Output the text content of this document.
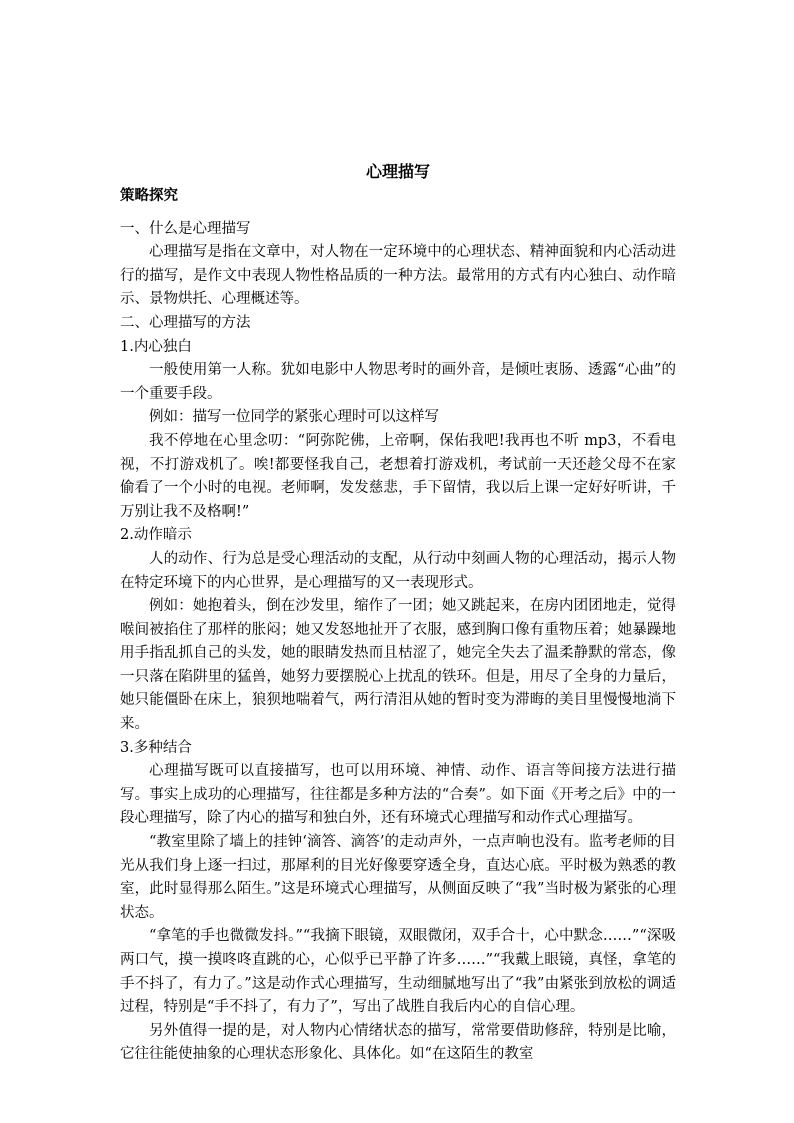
心理描写
策略探究

一、什么是心理描写

心理描写是指在文章中，对人物在一定环境中的心理状态、精神面貌和内心活动进行的描写，是作文中表现人物性格品质的一种方法。最常用的方式有内心独白、动作暗示、景物烘托、心理概述等。

二、心理描写的方法

1.内心独白

一般使用第一人称。犹如电影中人物思考时的画外音，是倾吐衷肠、透露“心曲”的一个重要手段。

例如：描写一位同学的紧张心理时可以这样写

我不停地在心里念叨：“阿弥陀佛，上帝啊，保佑我吧!我再也不听 mp3，不看电视，不打游戏机了。唉!都要怪我自己，老想着打游戏机，考试前一天还趁父母不在家偷看了一个小时的电视。老师啊，发发慈悲，手下留情，我以后上课一定好好听讲，千万别让我不及格啊!”

2.动作暗示

人的动作、行为总是受心理活动的支配，从行动中刻画人物的心理活动，揭示人物在特定环境下的内心世界，是心理描写的又一表现形式。

例如：她抱着头，倒在沙发里，缩作了一团；她又跳起来，在房内团团地走，觉得喉间被掐住了那样的胀闷；她又发怒地扯开了衣服，感到胸口像有重物压着；她暴躁地用手指乱抓自己的头发，她的眼睛发热而且枯涩了，她完全失去了温柔静默的常态，像一只落在陷阱里的猛兽，她努力要摆脱心上扰乱的铁环。但是，用尽了全身的力量后，她只能僵卧在床上，狼狈地喘着气，两行清泪从她的暂时变为滞晦的美目里慢慢地淌下来。

3.多种结合

心理描写既可以直接描写，也可以用环境、神情、动作、语言等间接方法进行描写。事实上成功的心理描写，往往都是多种方法的“合奏”。如下面《开考之后》中的一段心理描写，除了内心的描写和独白外，还有环境式心理描写和动作式心理描写。

“教室里除了墙上的挂钟‘滴答、滴答’的走动声外，一点声响也没有。监考老师的目光从我们身上逐一扫过，那犀利的目光好像要穿透全身，直达心底。平时极为熟悉的教室，此时显得那么陌生。”这是环境式心理描写，从侧面反映了“我”当时极为紧张的心理状态。

“拿笔的手也微微发抖。”“我摘下眼镜，双眼微闭，双手合十，心中默念……”“深吸两口气，摸一摸咚咚直跳的心，心似乎已平静了许多……”“我戴上眼镜，真怪，拿笔的手不抖了，有力了。”这是动作式心理描写，生动细腻地写出了“我”由紧张到放松的调适过程，特别是“手不抖了，有力了”，写出了战胜自我后内心的自信心理。

另外值得一提的是，对人物内心情绪状态的描写，常常要借助修辞，特别是比喻，它往往能使抽象的心理状态形象化、具体化。如“在这陌生的教室
